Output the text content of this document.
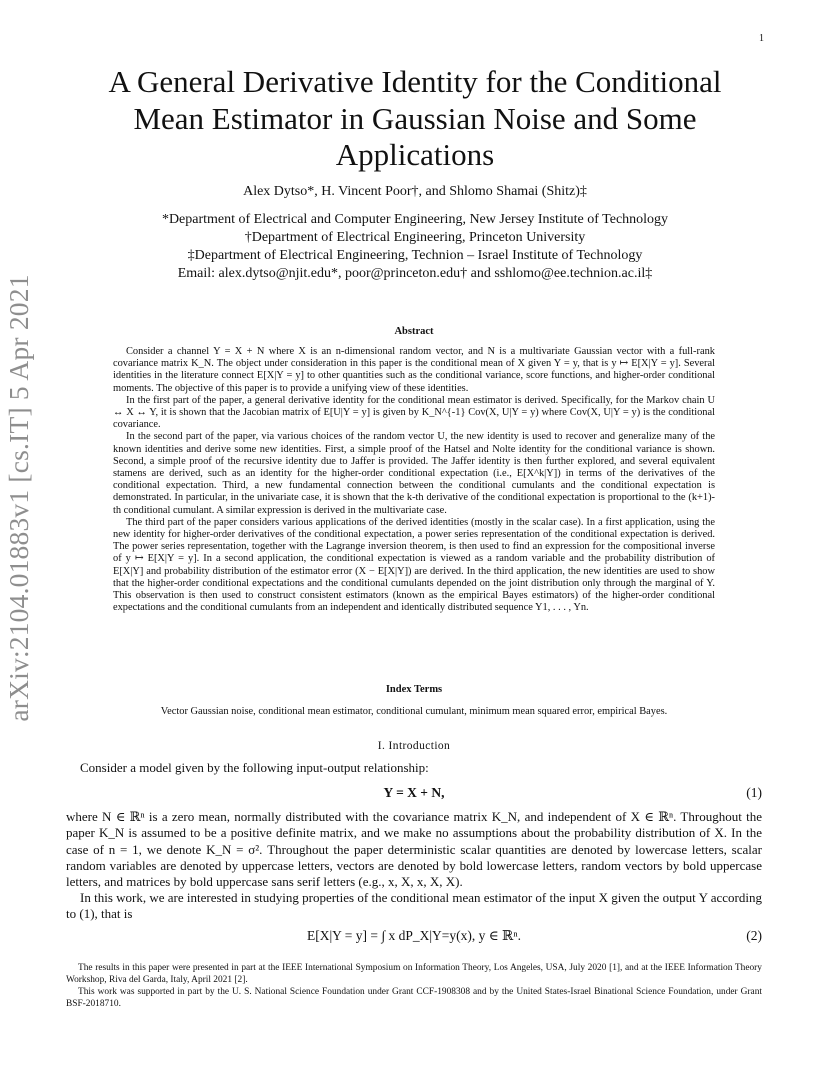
1
arXiv:2104.01883v1 [cs.IT] 5 Apr 2021
A General Derivative Identity for the Conditional
Mean Estimator in Gaussian Noise and Some
Applications
Alex Dytso*, H. Vincent Poor†, and Shlomo Shamai (Shitz)‡
*Department of Electrical and Computer Engineering, New Jersey Institute of Technology
†Department of Electrical Engineering, Princeton University
‡Department of Electrical Engineering, Technion – Israel Institute of Technology
Email: alex.dytso@njit.edu*, poor@princeton.edu† and sshlomo@ee.technion.ac.il‡
Abstract

Consider a channel Y = X + N where X is an n-dimensional random vector, and N is a multivariate Gaussian vector with a full-rank covariance matrix K_N. The object under consideration in this paper is the conditional mean of X given Y = y, that is y ↦ E[X|Y = y]. Several identities in the literature connect E[X|Y = y] to other quantities such as the conditional variance, score functions, and higher-order conditional moments. The objective of this paper is to provide a unifying view of these identities.

In the first part of the paper, a general derivative identity for the conditional mean estimator is derived. Specifically, for the Markov chain U ↔ X ↔ Y, it is shown that the Jacobian matrix of E[U|Y = y] is given by K_N^{-1} Cov(X, U|Y = y) where Cov(X, U|Y = y) is the conditional covariance.

In the second part of the paper, via various choices of the random vector U, the new identity is used to recover and generalize many of the known identities and derive some new identities. First, a simple proof of the Hatsel and Nolte identity for the conditional variance is shown. Second, a simple proof of the recursive identity due to Jaffer is provided. The Jaffer identity is then further explored, and several equivalent stamens are derived, such as an identity for the higher-order conditional expectation (i.e., E[X^k|Y]) in terms of the derivatives of the conditional expectation. Third, a new fundamental connection between the conditional cumulants and the conditional expectation is demonstrated. In particular, in the univariate case, it is shown that the k-th derivative of the conditional expectation is proportional to the (k+1)-th conditional cumulant. A similar expression is derived in the multivariate case.

The third part of the paper considers various applications of the derived identities (mostly in the scalar case). In a first application, using the new identity for higher-order derivatives of the conditional expectation, a power series representation of the conditional expectation is derived. The power series representation, together with the Lagrange inversion theorem, is then used to find an expression for the compositional inverse of y ↦ E[X|Y = y]. In a second application, the conditional expectation is viewed as a random variable and the probability distribution of E[X|Y] and probability distribution of the estimator error (X − E[X|Y]) are derived. In the third application, the new identities are used to show that the higher-order conditional expectations and the conditional cumulants depended on the joint distribution only through the marginal of Y. This observation is then used to construct consistent estimators (known as the empirical Bayes estimators) of the higher-order conditional expectations and the conditional cumulants from an independent and identically distributed sequence Y1, . . . , Yn.

Index Terms
Vector Gaussian noise, conditional mean estimator, conditional cumulant, minimum mean squared error, empirical Bayes.
I. Introduction

Consider a model given by the following input-output relationship:

Y = X + N,	(1)

where N ∈ ℝⁿ is a zero mean, normally distributed with the covariance matrix K_N, and independent of X ∈ ℝⁿ. Throughout the paper K_N is assumed to be a positive definite matrix, and we make no assumptions about the probability distribution of X. In the case of n = 1, we denote K_N = σ². Throughout the paper deterministic scalar quantities are denoted by lowercase letters, scalar random variables are denoted by uppercase letters, vectors are denoted by bold lowercase letters, random vectors by bold uppercase letters, and matrices by bold uppercase sans serif letters (e.g., x, X, x, X, X).

In this work, we are interested in studying properties of the conditional mean estimator of the input X given the output Y according to (1), that is

E[X|Y = y] = ∫ x dP_X|Y=y(x), y ∈ ℝⁿ.	(2)

The results in this paper were presented in part at the IEEE International Symposium on Information Theory, Los Angeles, USA, July 2020 [1], and at the IEEE Information Theory Workshop, Riva del Garda, Italy, April 2021 [2].

This work was supported in part by the U. S. National Science Foundation under Grant CCF-1908308 and by the United States-Israel Binational Science Foundation, under Grant BSF-2018710.
